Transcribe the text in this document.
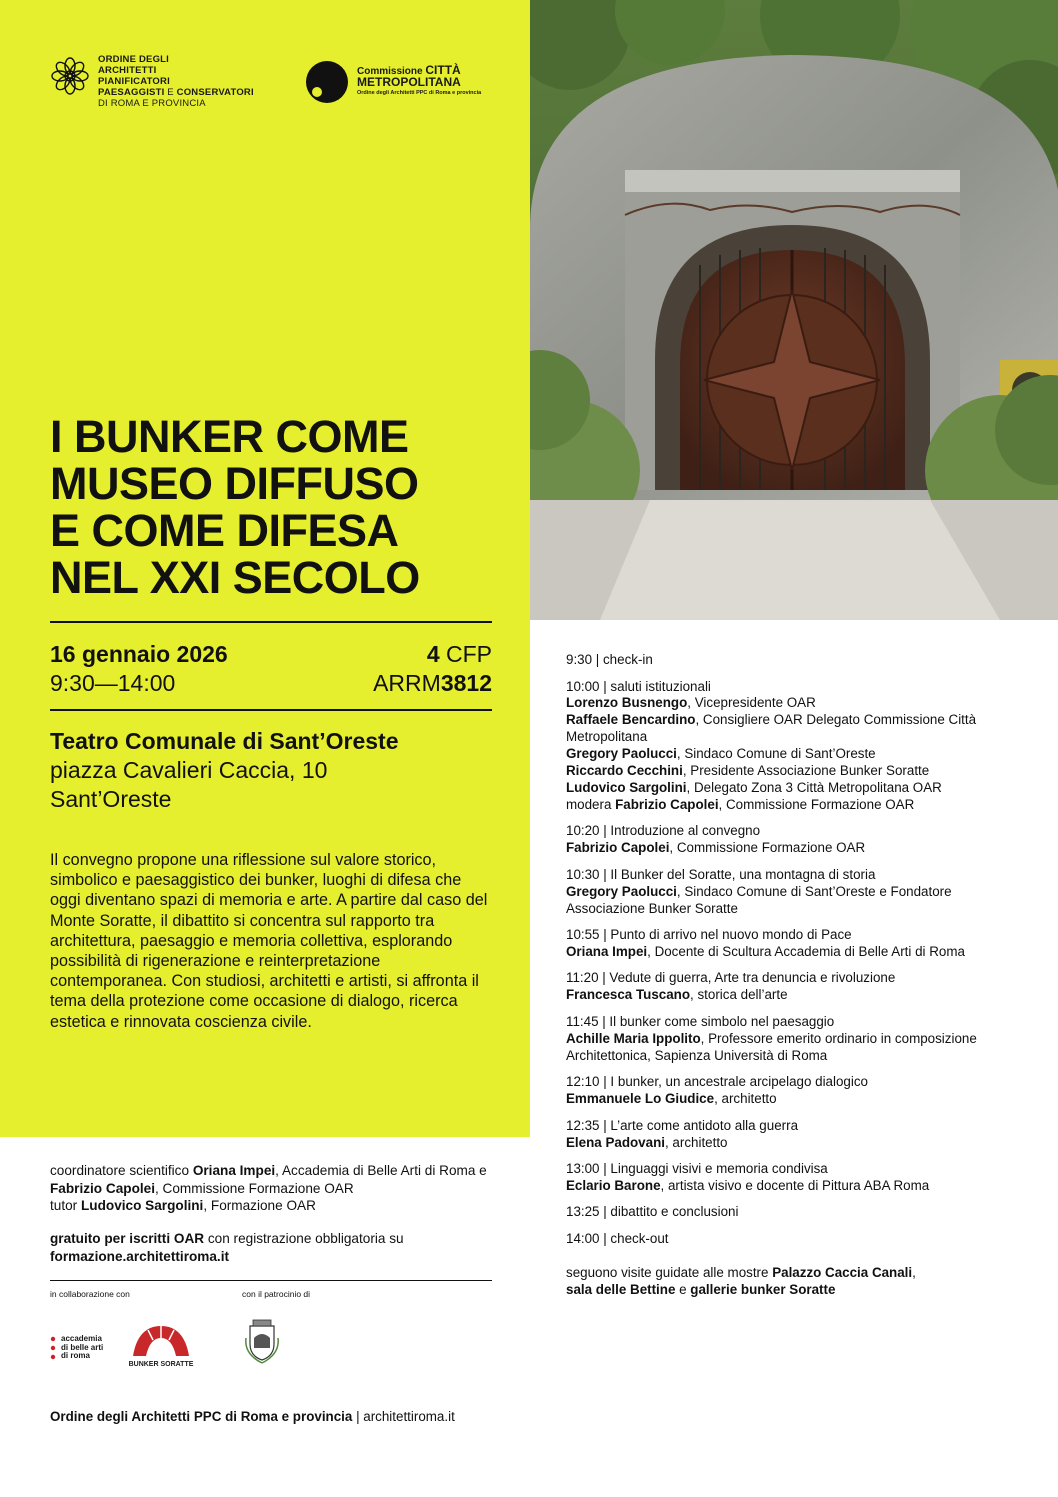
ORDINE DEGLI
ARCHITETTI
PIANIFICATORI
PAESAGGISTI E CONSERVATORI
DI ROMA E PROVINCIA
Commissione CITTÀ
METROPOLITANA
Ordine degli Architetti PPC di Roma e provincia
I BUNKER COME
MUSEO DIFFUSO
E COME DIFESA
NEL XXI SECOLO
16 gennaio 2026
9:30—14:00
4 CFP
ARRM3812
Teatro Comunale di Sant’Oreste
piazza Cavalieri Caccia, 10
Sant’Oreste
Il convegno propone una riflessione sul valore storico, simbolico e paesaggistico dei bunker, luoghi di difesa che oggi diventano spazi di memoria e arte. A partire dal caso del Monte Soratte, il dibattito si concentra sul rapporto tra architettura, paesaggio e memoria collettiva, esplorando possibilità di rigenerazione e reinterpretazione contemporanea. Con studiosi, architetti e artisti, si affronta il tema della protezione come occasione di dialogo, ricerca estetica e rinnovata coscienza civile.
coordinatore scientifico Oriana Impei, Accademia di Belle Arti di Roma e Fabrizio Capolei, Commissione Formazione OAR
tutor Ludovico Sargolini, Formazione OAR
gratuito per iscritti OAR con registrazione obbligatoria su
formazione.architettiroma.it
in collaborazione con	con il patrocinio di
accademia
di belle arti
di roma
BUNKER SORATTE
Ordine degli Architetti PPC di Roma e provincia | architettiroma.it
9:30 | check-in
10:00 | saluti istituzionali
Lorenzo Busnengo, Vicepresidente OAR
Raffaele Bencardino, Consigliere OAR Delegato Commissione Città Metropolitana
Gregory Paolucci, Sindaco Comune di Sant’Oreste
Riccardo Cecchini, Presidente Associazione Bunker Soratte
Ludovico Sargolini, Delegato Zona 3 Città Metropolitana OAR
modera Fabrizio Capolei, Commissione Formazione OAR
10:20 | Introduzione al convegno
Fabrizio Capolei, Commissione Formazione OAR
10:30 | Il Bunker del Soratte, una montagna di storia
Gregory Paolucci, Sindaco Comune di Sant’Oreste e Fondatore Associazione Bunker Soratte
10:55 | Punto di arrivo nel nuovo mondo di Pace
Oriana Impei, Docente di Scultura Accademia di Belle Arti di Roma
11:20 | Vedute di guerra, Arte tra denuncia e rivoluzione
Francesca Tuscano, storica dell’arte
11:45 | Il bunker come simbolo nel paesaggio
Achille Maria Ippolito, Professore emerito ordinario in composizione Architettonica, Sapienza Università di Roma
12:10 | I bunker, un ancestrale arcipelago dialogico
Emmanuele Lo Giudice, architetto
12:35 | L’arte come antidoto alla guerra
Elena Padovani, architetto
13:00 | Linguaggi visivi e memoria condivisa
Eclario Barone, artista visivo e docente di Pittura ABA Roma
13:25 | dibattito e conclusioni
14:00 | check-out
seguono visite guidate alle mostre Palazzo Caccia Canali,
sala delle Bettine e gallerie bunker Soratte
